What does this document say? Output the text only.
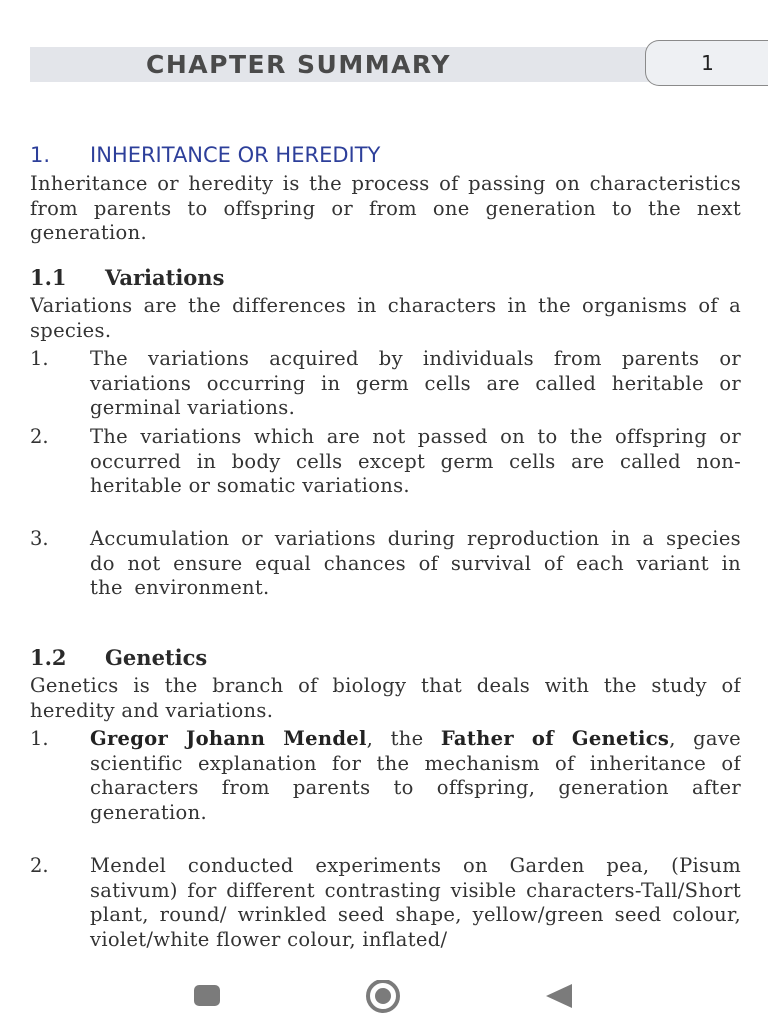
CHAPTER SUMMARY	1
1. INHERITANCE OR HEREDITY
Inheritance or heredity is the process of passing on characteristics from parents to offspring or from one generation to the next generation.
1.1 Variations
Variations are the differences in characters in the organisms of a species.
1. The variations acquired by individuals from parents or variations occurring in germ cells are called heritable or germinal variations.
2. The variations which are not passed on to the offspring or occurred in body cells except germ cells are called non-heritable or somatic variations.
3. Accumulation or variations during reproduction in a species do not ensure equal chances of survival of each variant in the environment.
1.2 Genetics
Genetics is the branch of biology that deals with the study of heredity and variations.
1. Gregor Johann Mendel, the Father of Genetics, gave scientific explanation for the mechanism of inheritance of characters from parents to offspring, generation after generation.
2. Mendel conducted experiments on Garden pea, (Pisum sativum) for different contrasting visible characters-Tall/Short plant, round/ wrinkled seed shape, yellow/green seed colour, violet/white flower colour, inflated/
